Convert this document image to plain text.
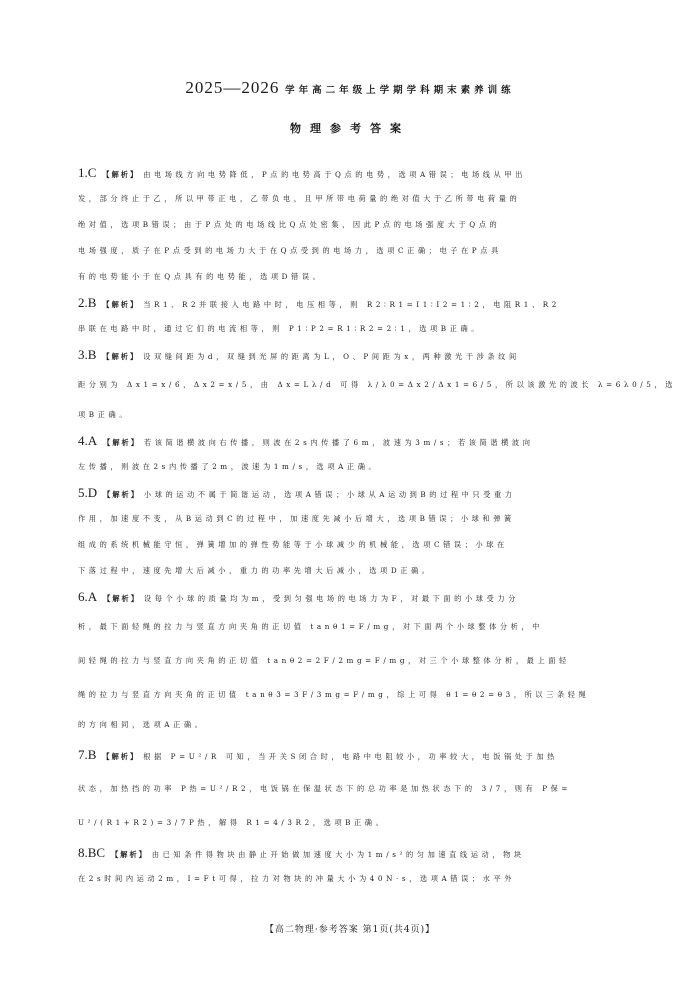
2025—2026 学年高二年级上学期学科期末素养训练
物理参考答案
1.C 【解析】 由电场线方向电势降低，P点的电势高于Q点的电势，选项A错误；电场线从甲出
发，部分终止于乙，所以甲带正电，乙带负电，且甲所带电荷量的绝对值大于乙所带电荷量的
绝对值，选项B错误；由于P点处的电场线比Q点处密集，因此P点的电场强度大于Q点的
电场强度，质子在P点受到的电场力大于在Q点受到的电场力，选项C正确；电子在P点具
有的电势能小于在Q点具有的电势能，选项D错误。
2.B 【解析】 当R1、R2并联接入电路中时，电压相等，则 R2∶R1=I1∶I2=1∶2，电阻R1、R2
串联在电路中时，通过它们的电流相等，则 P1∶P2=R1∶R2=2∶1，选项B正确。
3.B 【解析】 设双缝间距为d，双缝到光屏的距离为L，O、P间距为x，两种激光干涉条纹间
距分别为 Δx1=x/6，Δx2=x/5，由 Δx=Lλ/d 可得 λ/λ0=Δx2/Δx1=6/5，所以该激光的波长 λ=6λ0/5，选
项B正确。
4.A 【解析】 若该简谐横波向右传播，则波在2s内传播了6m，波速为3m/s；若该简谐横波向
左传播，则波在2s内传播了2m，波速为1m/s，选项A正确。
5.D 【解析】 小球的运动不属于简谐运动，选项A错误；小球从A运动到B的过程中只受重力
作用，加速度不变，从B运动到C的过程中，加速度先减小后增大，选项B错误；小球和弹簧
组成的系统机械能守恒，弹簧增加的弹性势能等于小球减少的机械能，选项C错误；小球在
下落过程中，速度先增大后减小，重力的功率先增大后减小，选项D正确。
6.A 【解析】 设每个小球的质量均为m，受到匀强电场的电场力为F，对最下面的小球受力分
析，最下面轻绳的拉力与竖直方向夹角的正切值 tanθ1=F/mg，对下面两个小球整体分析，中
间轻绳的拉力与竖直方向夹角的正切值 tanθ2=2F/2mg=F/mg，对三个小球整体分析，最上面轻
绳的拉力与竖直方向夹角的正切值 tanθ3=3F/3mg=F/mg，综上可得 θ1=θ2=θ3，所以三条轻绳
的方向相同，选项A正确。
7.B 【解析】 根据 P=U²/R 可知，当开关S闭合时，电路中电阻较小，功率较大，电饭锅处于加热
状态，加热挡的功率 P热=U²/R2，电饭锅在保温状态下的总功率是加热状态下的 3/7，则有 P保=
U²/(R1+R2)=3/7P热，解得 R1=4/3R2，选项B正确。
8.BC 【解析】 由已知条件得物块由静止开始做加速度大小为1m/s²的匀加速直线运动，物块
在2s时间内运动2m，I=Ft可得，拉力对物块的冲量大小为40N·s，选项A错误；水平外
【高二物理·参考答案 第1页(共4页)】
